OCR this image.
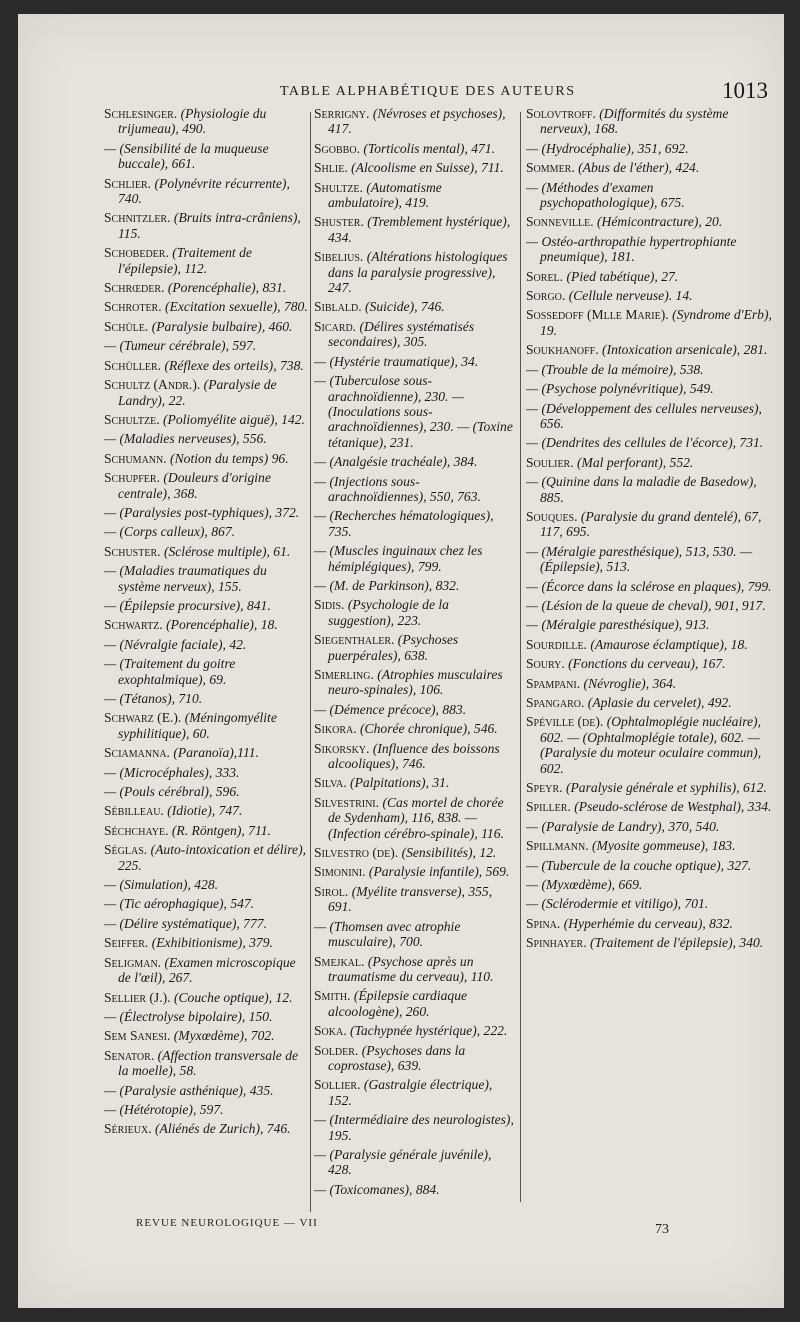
TABLE ALPHABÉTIQUE DES AUTEURS	1013
Schlesinger. (Physiologie du trijumeau), 490.
— (Sensibilité de la muqueuse buccale), 661.
Schlier. (Polynévrite récurrente), 740.
Schnitzler. (Bruits intra-crâniens), 115.
Schobeder. (Traitement de l'épilepsie), 112.
Schrœder. (Porencéphalie), 831.
Schroter. (Excitation sexuelle), 780.
Schüle. (Paralysie bulbaire), 460.
— (Tumeur cérébrale), 597.
Schüller. (Réflexe des orteils), 738.
Schultz (Andr.). (Paralysie de Landry), 22.
Schultze. (Poliomyélite aiguë), 142.
— (Maladies nerveuses), 556.
Schumann. (Notion du temps) 96.
Schupfer. (Douleurs d'origine centrale), 368.
— (Paralysies post-typhiques), 372.
— (Corps calleux), 867.
Schuster. (Sclérose multiple), 61.
— (Maladies traumatiques du système nerveux), 155.
— (Épilepsie procursive), 841.
Schwartz. (Porencéphalie), 18.
— (Névralgie faciale), 42.
— (Traitement du goitre exophtalmique), 69.
— (Tétanos), 710.
Schwarz (E.). (Méningomyélite syphilitique), 60.
Sciamanna. (Paranoïa),111.
— (Microcéphales), 333.
— (Pouls cérébral), 596.
Sébilleau. (Idiotie), 747.
Séchchaye. (R. Röntgen), 711.
Séglas. (Auto-intoxication et délire), 225.
— (Simulation), 428.
— (Tic aérophagique), 547.
— (Délire systématique), 777.
Seiffer. (Exhibitionisme), 379.
Seligman. (Examen microscopique de l'œil), 267.
Sellier (J.). (Couche optique), 12.
— (Électrolyse bipolaire), 150.
Sem Sanesi. (Myxœdème), 702.
Senator. (Affection transversale de la moelle), 58.
— (Paralysie asthénique), 435.
— (Hétérotopie), 597.
Sérieux. (Aliénés de Zurich), 746.
Serrigny. (Névroses et psychoses), 417.
Sgobbo. (Torticolis mental), 471.
Shlie. (Alcoolisme en Suisse), 711.
Shultze. (Automatisme ambulatoire), 419.
Shuster. (Tremblement hystérique), 434.
Sibelius. (Altérations histologiques dans la paralysie progressive), 247.
Siblald. (Suicide), 746.
Sicard. (Délires systématisés secondaires), 305.
— (Hystérie traumatique), 34.
— (Tuberculose sous-arachnoïdienne), 230. — (Inoculations sous-arachnoïdiennes), 230. — (Toxine tétanique), 231.
— (Analgésie trachéale), 384.
— (Injections sous-arachnoïdiennes), 550, 763.
— (Recherches hématologiques), 735.
— (Muscles inguinaux chez les hémiplégiques), 799.
— (M. de Parkinson), 832.
Sidis. (Psychologie de la suggestion), 223.
Siegenthaler. (Psychoses puerpérales), 638.
Simerling. (Atrophies musculaires neuro-spinales), 106.
— (Démence précoce), 883.
Sikora. (Chorée chronique), 546.
Sikorsky. (Influence des boissons alcooliques), 746.
Silva. (Palpitations), 31.
Silvestrini. (Cas mortel de chorée de Sydenham), 116, 838. — (Infection cérébro-spinale), 116.
Silvestro (de). (Sensibilités), 12.
Simonini. (Paralysie infantile), 569.
Sirol. (Myélite transverse), 355, 691.
— (Thomsen avec atrophie musculaire), 700.
Smejkal. (Psychose après un traumatisme du cerveau), 110.
Smith. (Épilepsie cardiaque alcoologène), 260.
Soka. (Tachypnée hystérique), 222.
Solder. (Psychoses dans la coprostase), 639.
Sollier. (Gastralgie électrique), 152.
— (Intermédiaire des neurologistes), 195.
— (Paralysie générale juvénile), 428.
— (Toxicomanes), 884.
Solovtroff. (Difformités du système nerveux), 168.
— (Hydrocéphalie), 351, 692.
Sommer. (Abus de l'éther), 424.
— (Méthodes d'examen psychopathologique), 675.
Sonneville. (Hémicontracture), 20.
— Ostéo-arthropathie hypertrophiante pneumique), 181.
Sorel. (Pied tabétique), 27.
Sorgo. (Cellule nerveuse). 14.
Sossedoff (Mlle Marie). (Syndrome d'Erb), 19.
Soukhanoff. (Intoxication arsenicale), 281.
— (Trouble de la mémoire), 538.
— (Psychose polynévritique), 549.
— (Développement des cellules nerveuses), 656.
— (Dendrites des cellules de l'écorce), 731.
Soulier. (Mal perforant), 552.
— (Quinine dans la maladie de Basedow), 885.
Souques. (Paralysie du grand dentelé), 67, 117, 695.
— (Méralgie paresthésique), 513, 530. — (Épilepsie), 513.
— (Écorce dans la sclérose en plaques), 799.
— (Lésion de la queue de cheval), 901, 917.
— (Méralgie paresthésique), 913.
Sourdille. (Amaurose éclamptique), 18.
Soury. (Fonctions du cerveau), 167.
Spampani. (Névroglie), 364.
Spangaro. (Aplasie du cervelet), 492.
Spéville (de). (Ophtalmoplégie nucléaire), 602. — (Ophtalmoplégie totale), 602. — (Paralysie du moteur oculaire commun), 602.
Speyr. (Paralysie générale et syphilis), 612.
Spiller. (Pseudo-sclérose de Westphal), 334.
— (Paralysie de Landry), 370, 540.
Spillmann. (Myosite gommeuse), 183.
— (Tubercule de la couche optique), 327.
— (Myxœdème), 669.
— (Sclérodermie et vitiligo), 701.
Spina. (Hyperhémie du cerveau), 832.
Spinhayer. (Traitement de l'épilepsie), 340.
REVUE NEUROLOGIQUE — VII	73
